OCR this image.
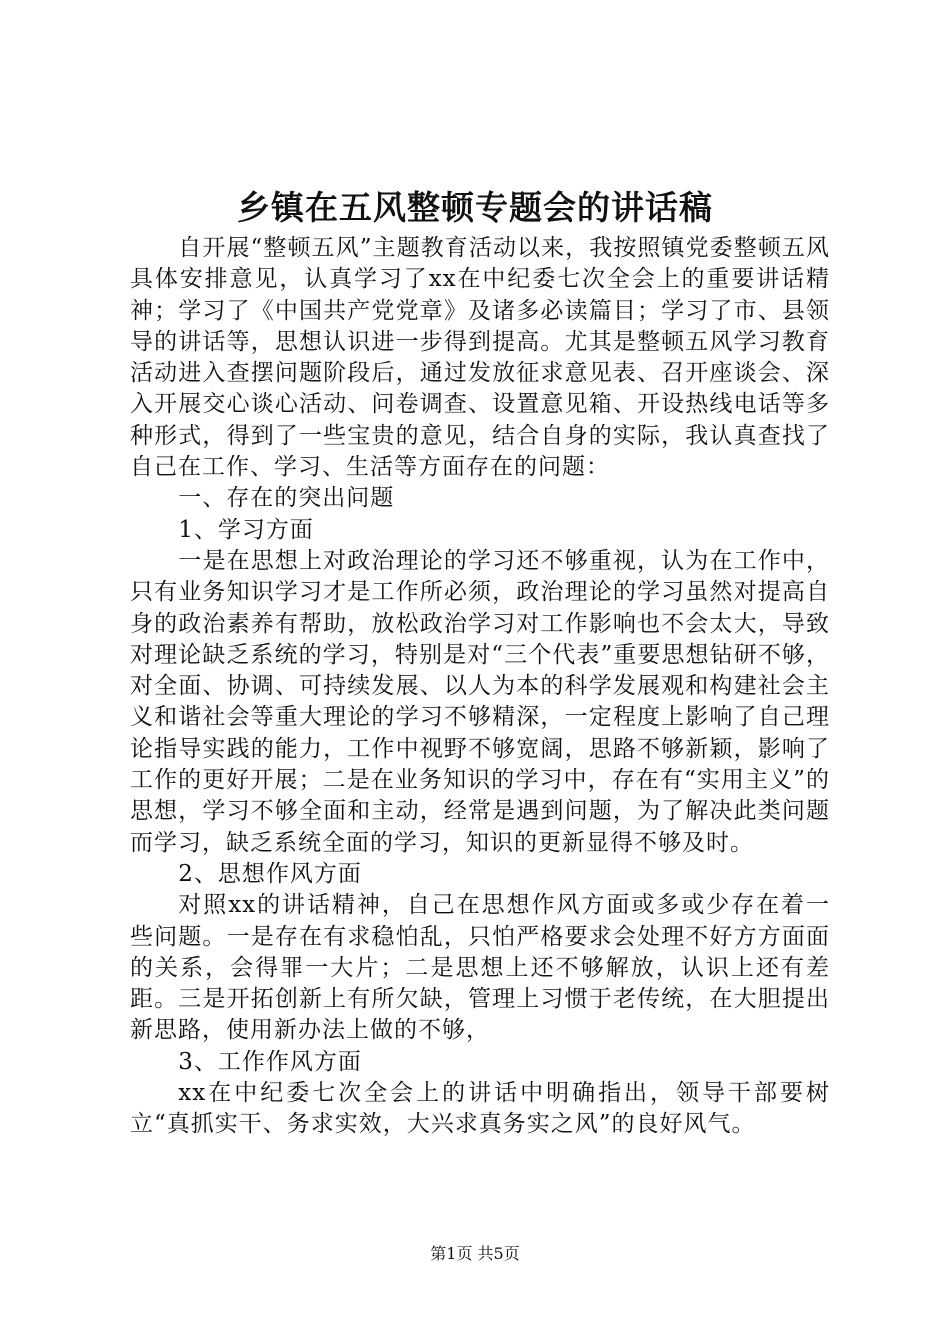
乡镇在五风整顿专题会的讲话稿

自开展“整顿五风”主题教育活动以来，我按照镇党委整顿五风具体安排意见，认真学习了xx在中纪委七次全会上的重要讲话精神；学习了《中国共产党党章》及诸多必读篇目；学习了市、县领导的讲话等，思想认识进一步得到提高。尤其是整顿五风学习教育活动进入查摆问题阶段后，通过发放征求意见表、召开座谈会、深入开展交心谈心活动、问卷调查、设置意见箱、开设热线电话等多种形式，得到了一些宝贵的意见，结合自身的实际，我认真查找了自己在工作、学习、生活等方面存在的问题：

一、存在的突出问题

1、学习方面

一是在思想上对政治理论的学习还不够重视，认为在工作中，只有业务知识学习才是工作所必须，政治理论的学习虽然对提高自身的政治素养有帮助，放松政治学习对工作影响也不会太大，导致对理论缺乏系统的学习，特别是对“三个代表”重要思想钻研不够，对全面、协调、可持续发展、以人为本的科学发展观和构建社会主义和谐社会等重大理论的学习不够精深，一定程度上影响了自己理论指导实践的能力，工作中视野不够宽阔，思路不够新颖，影响了工作的更好开展；二是在业务知识的学习中，存在有“实用主义”的思想，学习不够全面和主动，经常是遇到问题，为了解决此类问题而学习，缺乏系统全面的学习，知识的更新显得不够及时。

2、思想作风方面

对照xx的讲话精神，自己在思想作风方面或多或少存在着一些问题。一是存在有求稳怕乱，只怕严格要求会处理不好方方面面的关系，会得罪一大片；二是思想上还不够解放，认识上还有差距。三是开拓创新上有所欠缺，管理上习惯于老传统，在大胆提出新思路，使用新办法上做的不够，

3、工作作风方面

xx在中纪委七次全会上的讲话中明确指出，领导干部要树立“真抓实干、务求实效，大兴求真务实之风”的良好风气。

第1页 共5页
